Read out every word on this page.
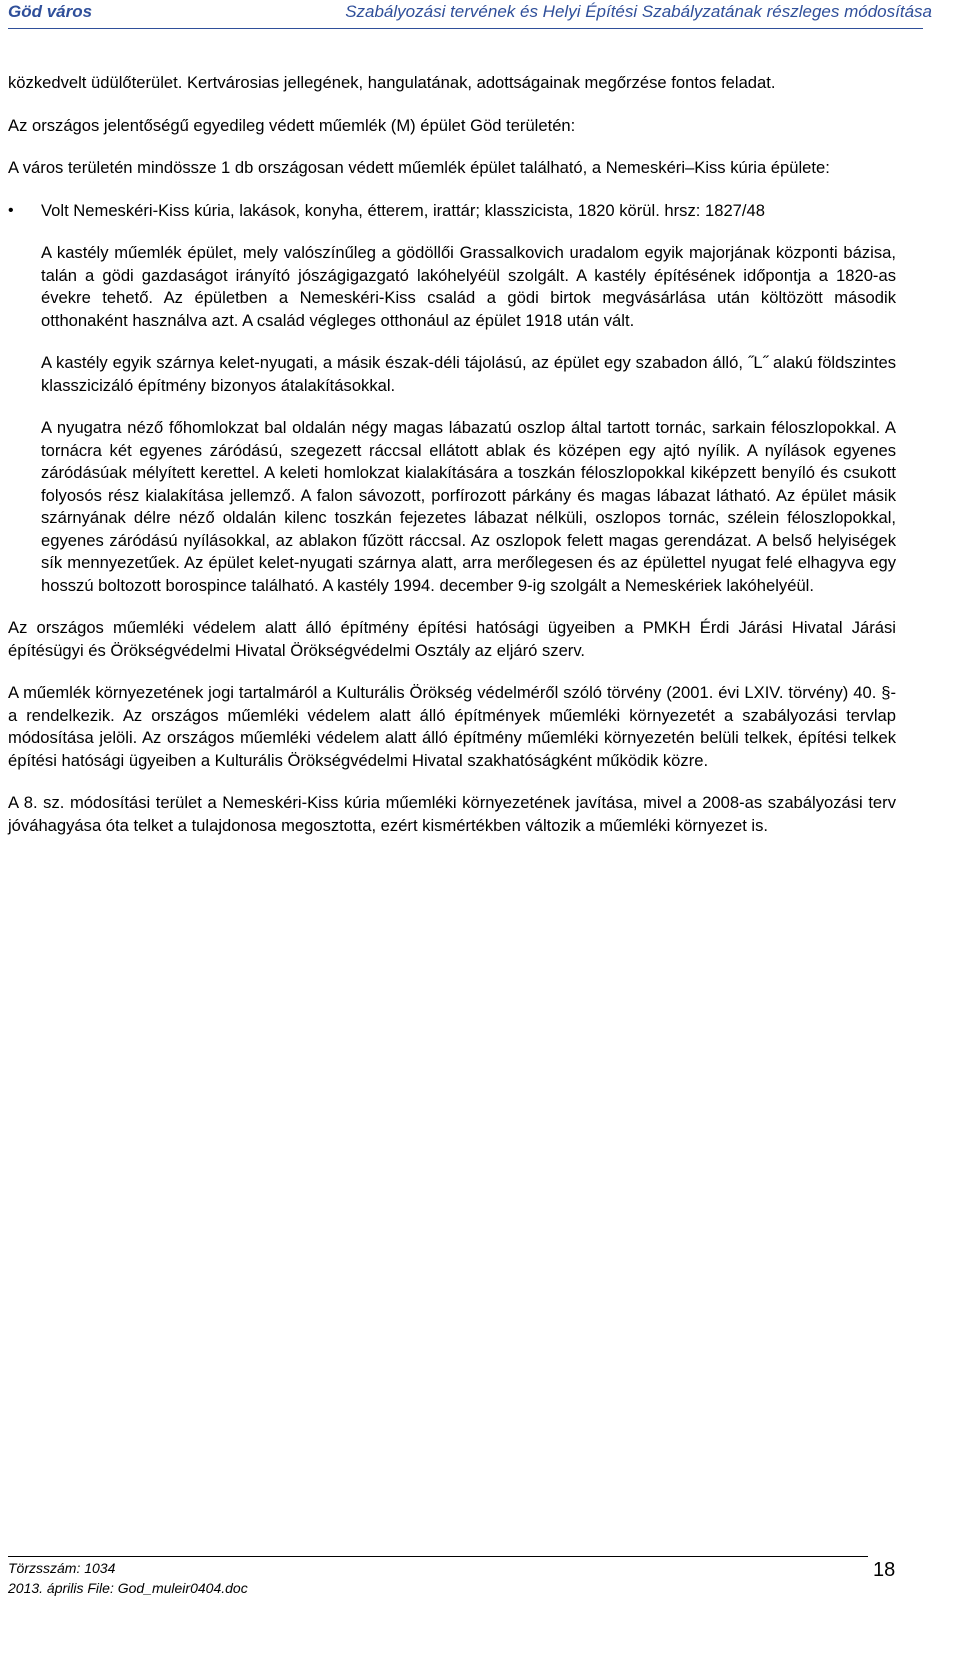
Göd város	Szabályozási tervének és Helyi Építési Szabályzatának részleges módosítása

közkedvelt üdülőterület. Kertvárosias jellegének, hangulatának, adottságainak megőrzése fontos feladat.

Az országos jelentőségű egyedileg védett műemlék (M) épület Göd területén:

A város területén mindössze 1 db országosan védett műemlék épület található, a Nemeskéri–Kiss kúria épülete:

•	Volt Nemeskéri-Kiss kúria, lakások, konyha, étterem, irattár; klasszicista, 1820 körül. hrsz: 1827/48

A kastély műemlék épület, mely valószínűleg a gödöllői Grassalkovich uradalom egyik majorjának központi bázisa, talán a gödi gazdaságot irányító jószágigazgató lakóhelyéül szolgált. A kastély építésének időpontja a 1820-as évekre tehető. Az épületben a Nemeskéri-Kiss család a gödi birtok megvásárlása után költözött második otthonaként használva azt. A család végleges otthonául az épület 1918 után vált.

A kastély egyik szárnya kelet-nyugati, a másik észak-déli tájolású, az épület egy szabadon álló, ˝L˝ alakú földszintes klasszicizáló építmény bizonyos átalakításokkal.

A nyugatra néző főhomlokzat bal oldalán négy magas lábazatú oszlop által tartott tornác, sarkain féloszlopokkal. A tornácra két egyenes záródású, szegezett ráccsal ellátott ablak és középen egy ajtó nyílik. A nyílások egyenes záródásúak mélyített kerettel. A keleti homlokzat kialakítására a toszkán féloszlopokkal kiképzett benyíló és csukott folyosós rész kialakítása jellemző. A falon sávozott, porfírozott párkány és magas lábazat látható. Az épület másik szárnyának délre néző oldalán kilenc toszkán fejezetes lábazat nélküli, oszlopos tornác, szélein féloszlopokkal, egyenes záródású nyílásokkal, az ablakon fűzött ráccsal. Az oszlopok felett magas gerendázat. A belső helyiségek sík mennyezetűek. Az épület kelet-nyugati szárnya alatt, arra merőlegesen és az épülettel nyugat felé elhagyva egy hosszú boltozott borospince található. A kastély 1994. december 9-ig szolgált a Nemeskériek lakóhelyéül.

Az országos műemléki védelem alatt álló építmény építési hatósági ügyeiben a PMKH Érdi Járási Hivatal Járási építésügyi és Örökségvédelmi Hivatal Örökségvédelmi Osztály az eljáró szerv.

A műemlék környezetének jogi tartalmáról a Kulturális Örökség védelméről szóló törvény (2001. évi LXIV. törvény) 40. §-a rendelkezik. Az országos műemléki védelem alatt álló építmények műemléki környezetét a szabályozási tervlap módosítása jelöli. Az országos műemléki védelem alatt álló építmény műemléki környezetén belüli telkek, építési telkek építési hatósági ügyeiben a Kulturális Örökségvédelmi Hivatal szakhatóságként működik közre.

A 8. sz. módosítási terület a Nemeskéri-Kiss kúria műemléki környezetének javítása, mivel a 2008-as szabályozási terv jóváhagyása óta telket a tulajdonosa megosztotta, ezért kismértékben változik a műemléki környezet is.

Törzsszám: 1034
2013. április File: God_muleir0404.doc
18
